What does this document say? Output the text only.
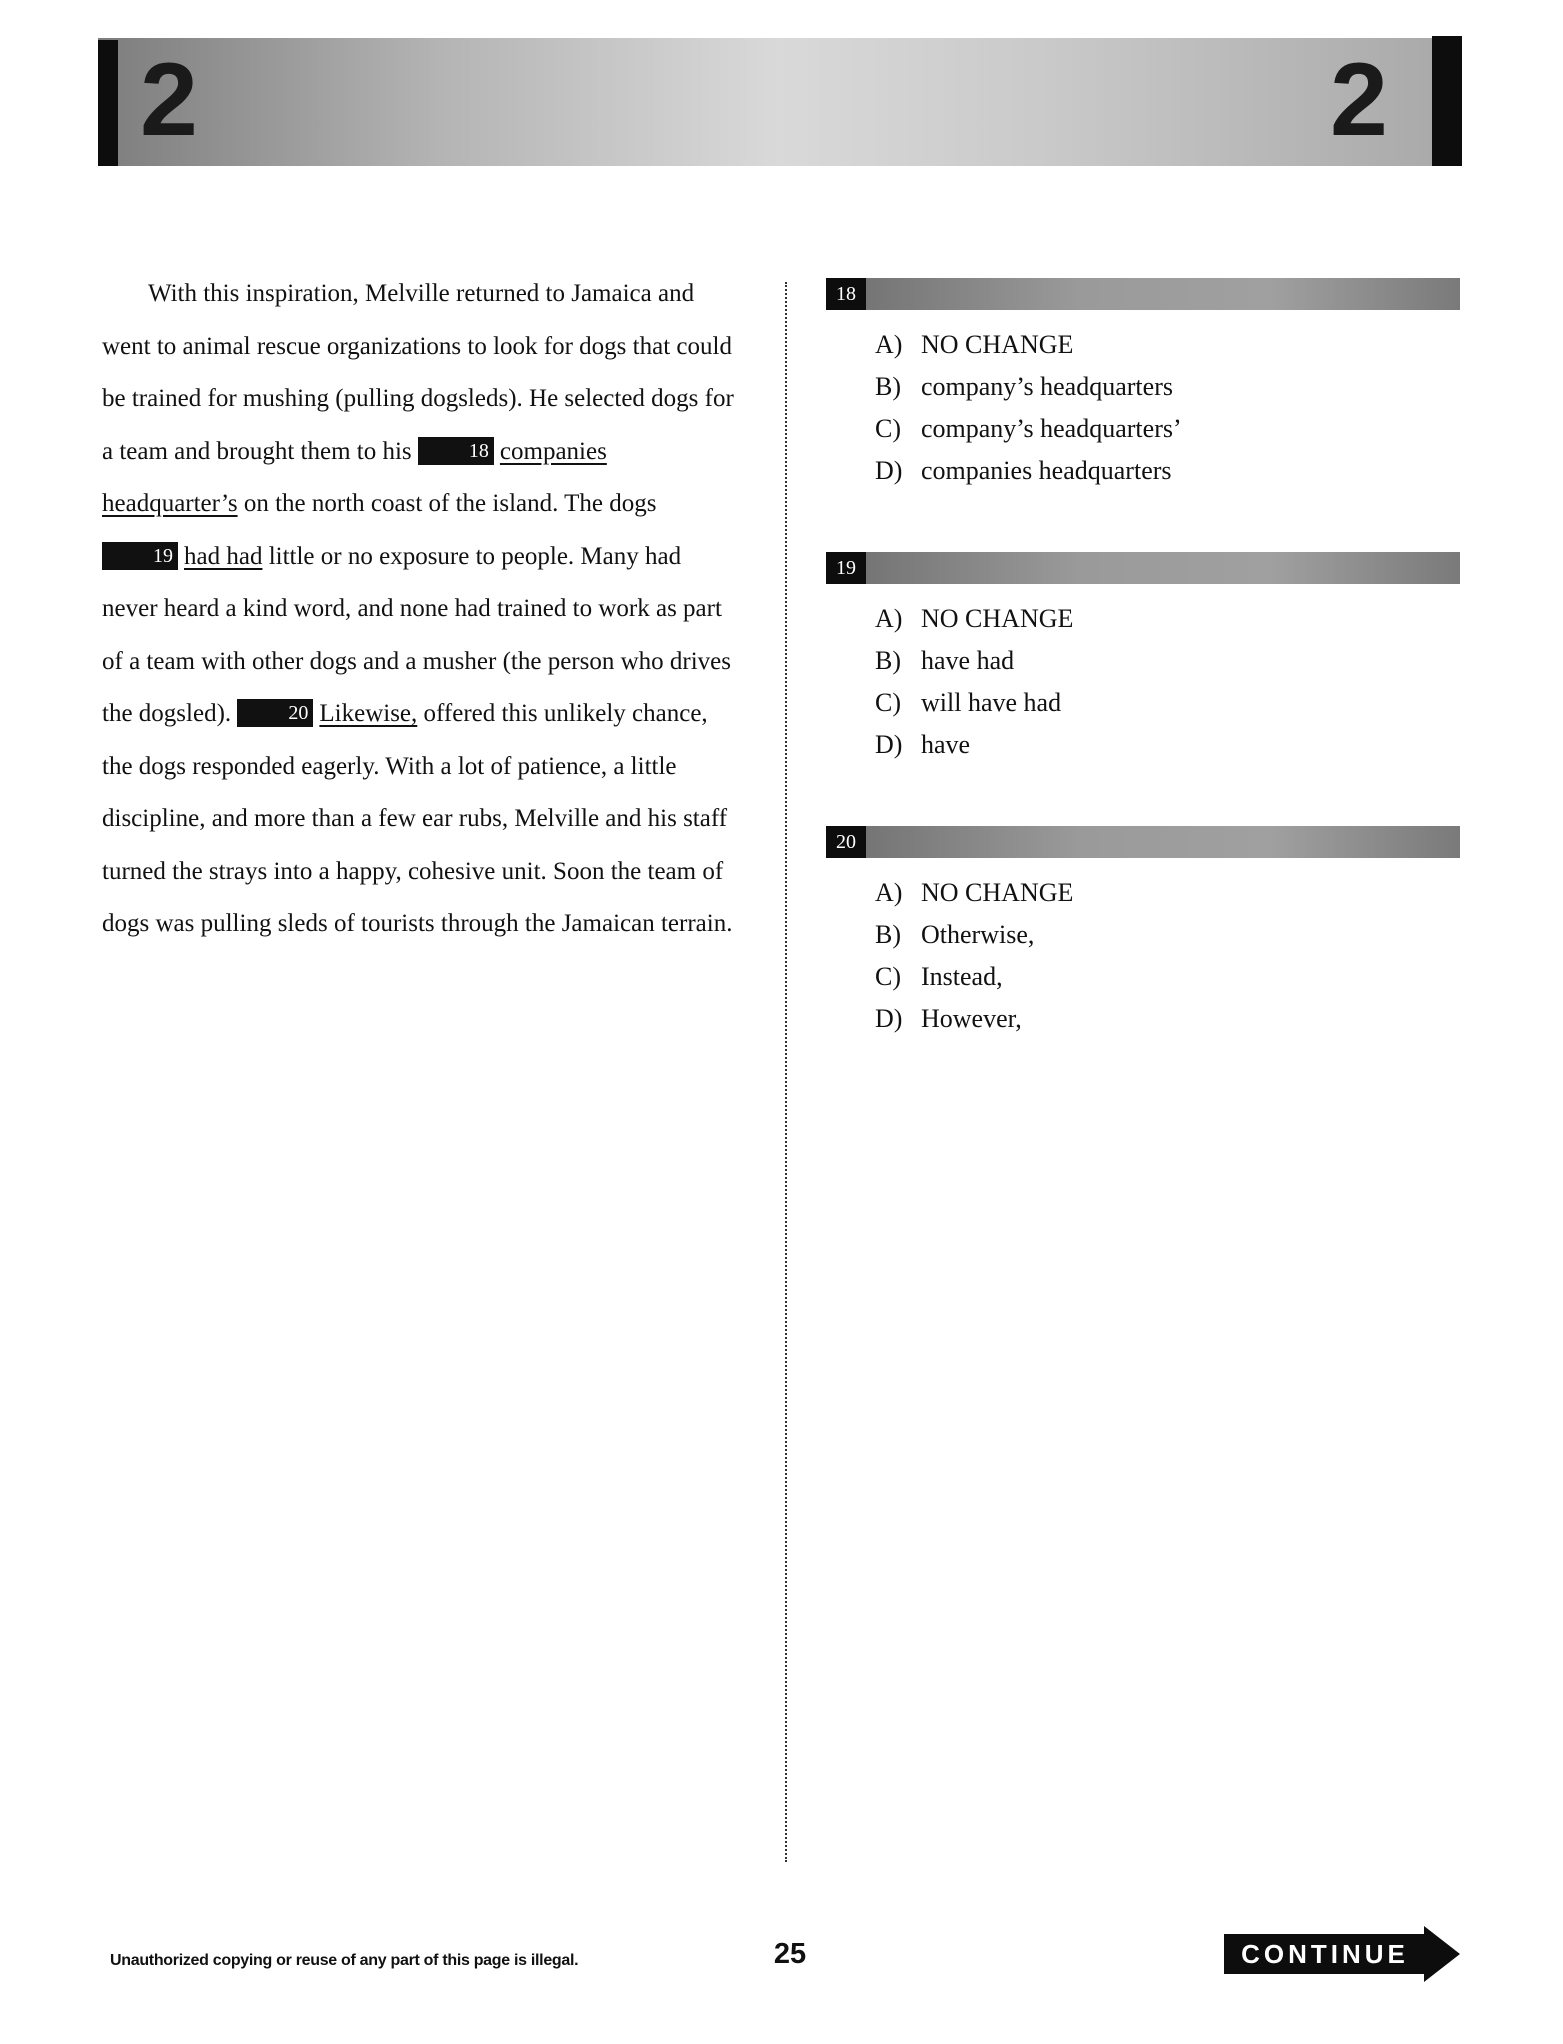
2	2

With this inspiration, Melville returned to Jamaica and went to animal rescue organizations to look for dogs that could be trained for mushing (pulling dogsleds). He selected dogs for a team and brought them to his	18 companies headquarter’s on the north coast of the island. The dogs 19 had had little or no exposure to people. Many had never heard a kind word, and none had trained to work as part of a team with other dogs and a musher (the person who drives the dogsled).	20 Likewise, offered this unlikely chance, the dogs responded eagerly. With a lot of patience, a little discipline, and more than a few ear rubs, Melville and his staff turned the strays into a happy, cohesive unit. Soon the team of dogs was pulling sleds of tourists through the Jamaican terrain.

18
A) NO CHANGE
B) company’s headquarters
C) company’s headquarters’
D) companies headquarters
19
A) NO CHANGE
B) have had
C) will have had
D) have
20
A) NO CHANGE
B) Otherwise,
C) Instead,
D) However,
Unauthorized copying or reuse of any part of this page is illegal.	25	CONTINUE
